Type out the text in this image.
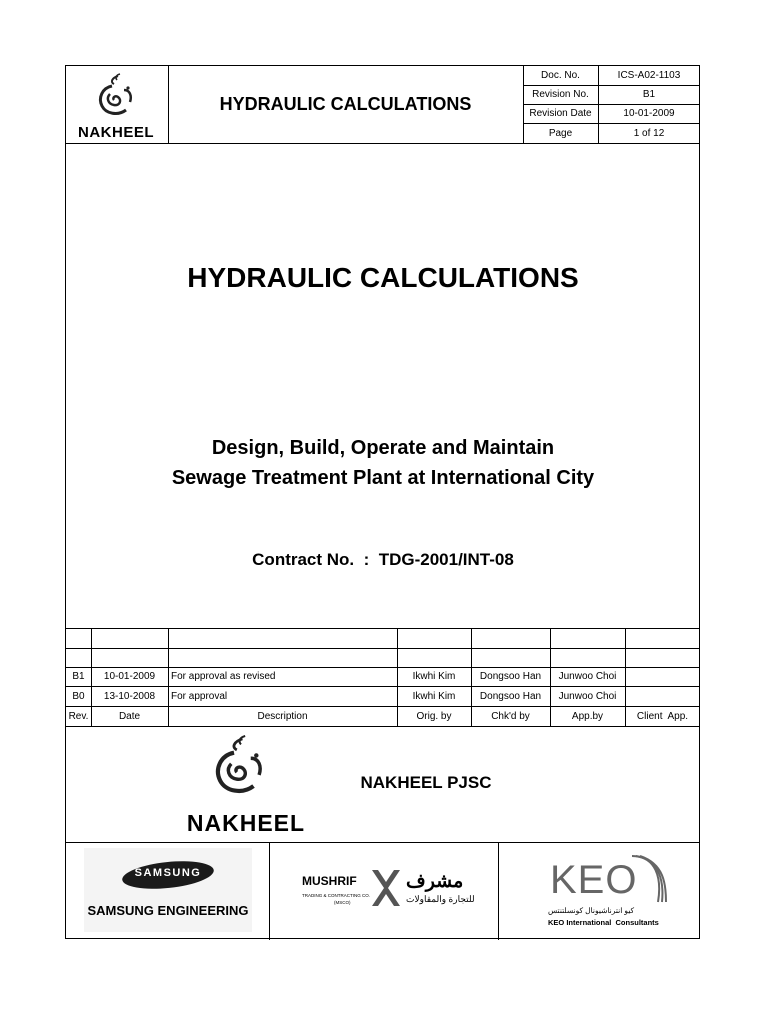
NAKHEEL
HYDRAULIC CALCULATIONS
Doc. No.	ICS-A02-1103
Revision No.	B1
Revision Date	10-01-2009
Page	1 of 12
HYDRAULIC CALCULATIONS
Design, Build, Operate and Maintain
Sewage Treatment Plant at International City
Contract No.  :  TDG-2001/INT-08
B1	10-01-2009	For approval as revised	Ikwhi Kim	Dongsoo Han	Junwoo Choi
B0	13-10-2008	For approval	Ikwhi Kim	Dongsoo Han	Junwoo Choi
Rev.	Date	Description	Orig. by	Chk'd by	App.by	Client  App.
NAKHEEL
NAKHEEL PJSC
SAMSUNG
SAMSUNG ENGINEERING
MUSHRIF
TRADING & CONTRACTING CO.
(MSCO)
مشرف
للتجارة والمقاولات KEO
كيو انترناشيونال كونسلتنتس
KEO International  Consultants
